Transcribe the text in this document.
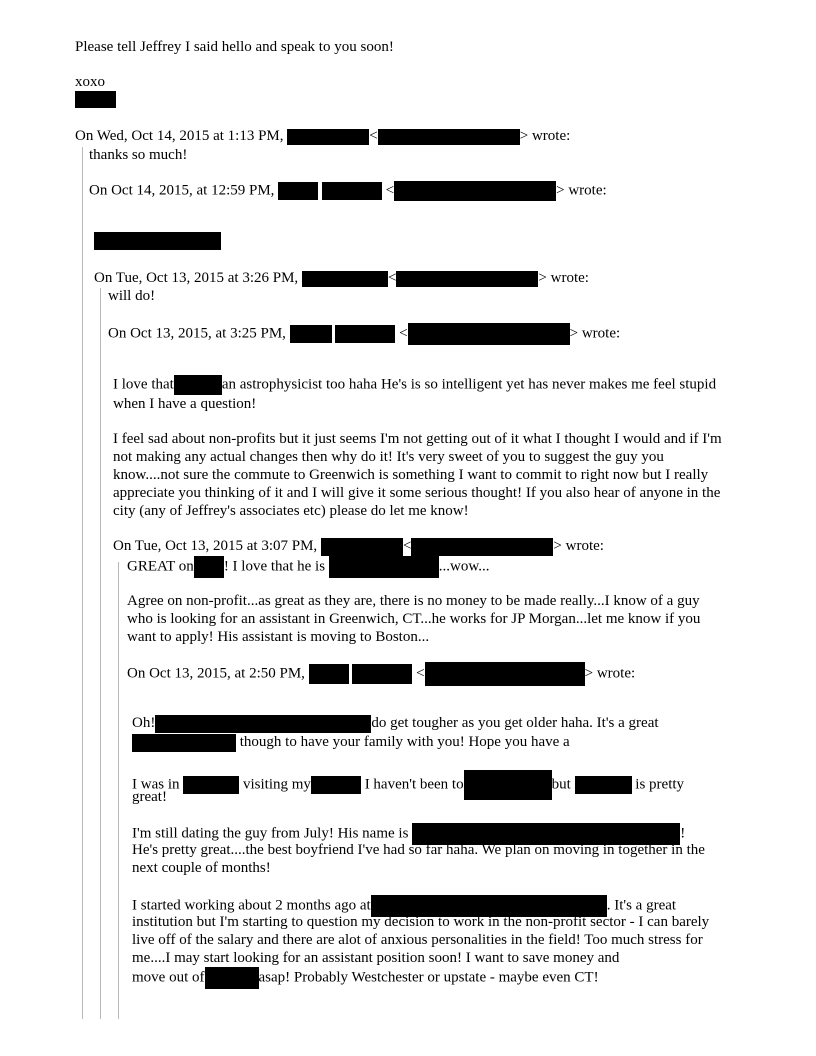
Please tell Jeffrey I said hello and speak to you soon!
xoxo
On Wed, Oct 14, 2015 at 1:13 PM,	<	> wrote:
thanks so much!
On Oct 14, 2015, at 12:59 PM,	<	> wrote:
On Tue, Oct 13, 2015 at 3:26 PM,	<	> wrote:
will do!
On Oct 13, 2015, at 3:25 PM,	<	> wrote:
I love that	an astrophysicist too haha He's is so intelligent yet has never makes me feel stupid when I have a question!
I feel sad about non-profits but it just seems I'm not getting out of it what I thought I would and if I'm not making any actual changes then why do it! It's very sweet of you to suggest the guy you know....not sure the commute to Greenwich is something I want to commit to right now but I really appreciate you thinking of it and I will give it some serious thought! If you also hear of anyone in the city (any of Jeffrey's associates etc) please do let me know!
On Tue, Oct 13, 2015 at 3:07 PM,	<	> wrote:
GREAT on ! I love that he is	...wow...
Agree on non-profit...as great as they are, there is no money to be made really...I know of a guy who is looking for an assistant in Greenwich, CT...he works for JP Morgan...let me know if you want to apply! His assistant is moving to Boston...
On Oct 13, 2015, at 2:50 PM,	<	> wrote:
Oh!	do get tougher as you get older haha. It's a great
though to have your family with you! Hope you have a
I was in	visiting my	I haven't been to	but	is pretty
great!
I'm still dating the guy from July! His name is	!
He's pretty great....the best boyfriend I've had so far haha. We plan on moving in together in the next couple of months!
I started working about 2 months ago at	. It's a great
institution but I'm starting to question my decision to work in the non-profit sector - I can barely live off of the salary and there are alot of anxious personalities in the field! Too much stress for me....I may start looking for an assistant position soon! I want to save money and
move out of	asap! Probably Westchester or upstate - maybe even CT!
